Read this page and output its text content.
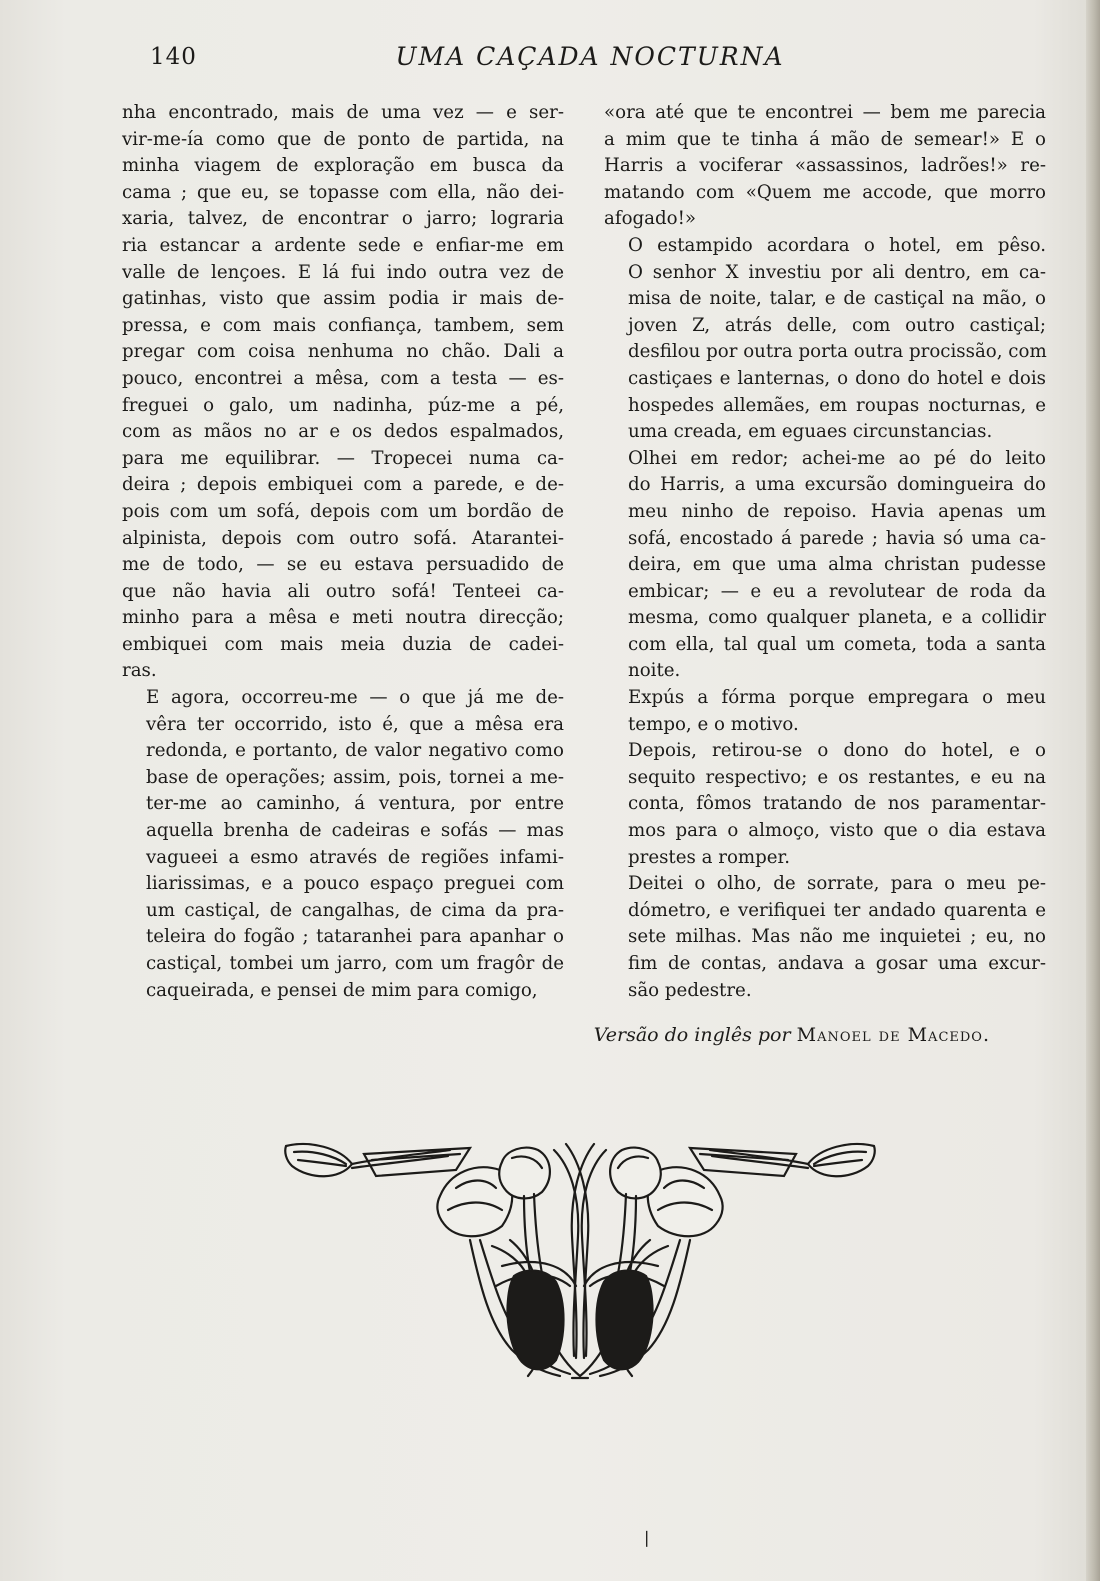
140	UMA CAÇADA NOCTURNA

nha encontrado, mais de uma vez — e ser-
vir-me-ía como que de ponto de partida, na
minha viagem de exploração em busca da
cama ; que eu, se topasse com ella, não dei-
xaria, talvez, de encontrar o jarro; lograria
ria estancar a ardente sede e enfiar-me em
valle de lençoes. E lá fui indo outra vez de
gatinhas, visto que assim podia ir mais de-
pressa, e com mais confiança, tambem, sem
pregar com coisa nenhuma no chão. Dali a
pouco, encontrei a mêsa, com a testa — es-
freguei o galo, um nadinha, púz-me a pé,
com as mãos no ar e os dedos espalmados,
para me equilibrar. — Tropecei numa ca-
deira ; depois embiquei com a parede, e de-
pois com um sofá, depois com um bordão de
alpinista, depois com outro sofá. Atarantei-
me de todo, — se eu estava persuadido de
que não havia ali outro sofá! Tenteei ca-
minho para a mêsa e meti noutra direcção;
embiquei com mais meia duzia de cadei-
ras.

E agora, occorreu-me — o que já me de-
vêra ter occorrido, isto é, que a mêsa era
redonda, e portanto, de valor negativo como
base de operações; assim, pois, tornei a me-
ter-me ao caminho, á ventura, por entre
aquella brenha de cadeiras e sofás — mas
vagueei a esmo através de regiões infami-
liarissimas, e a pouco espaço preguei com
um castiçal, de cangalhas, de cima da pra-
teleira do fogão ; tataranhei para apanhar o
castiçal, tombei um jarro, com um fragôr de
caqueirada, e pensei de mim para comigo,

«ora até que te encontrei — bem me parecia
a mim que te tinha á mão de semear!» E o
Harris a vociferar «assassinos, ladrões!» re-
matando com «Quem me accode, que morro
afogado!»

O estampido acordara o hotel, em pêso.
O senhor X investiu por ali dentro, em ca-
misa de noite, talar, e de castiçal na mão, o
joven Z, atrás delle, com outro castiçal;
desfilou por outra porta outra procissão, com
castiçaes e lanternas, o dono do hotel e dois
hospedes allemães, em roupas nocturnas, e
uma creada, em eguaes circunstancias.

Olhei em redor; achei-me ao pé do leito
do Harris, a uma excursão domingueira do
meu ninho de repoiso. Havia apenas um
sofá, encostado á parede ; havia só uma ca-
deira, em que uma alma christan pudesse
embicar; — e eu a revolutear de roda da
mesma, como qualquer planeta, e a collidir
com ella, tal qual um cometa, toda a santa
noite.

Expús a fórma porque empregara o meu
tempo, e o motivo.

Depois, retirou-se o dono do hotel, e o
sequito respectivo; e os restantes, e eu na
conta, fômos tratando de nos paramentar-
mos para o almoço, visto que o dia estava
prestes a romper.

Deitei o olho, de sorrate, para o meu pe-
dómetro, e verifiquei ter andado quarenta e
sete milhas. Mas não me inquietei ; eu, no
fim de contas, andava a gosar uma excur-
são pedestre.

Versão do inglês por Manoel de Macedo.
❘
